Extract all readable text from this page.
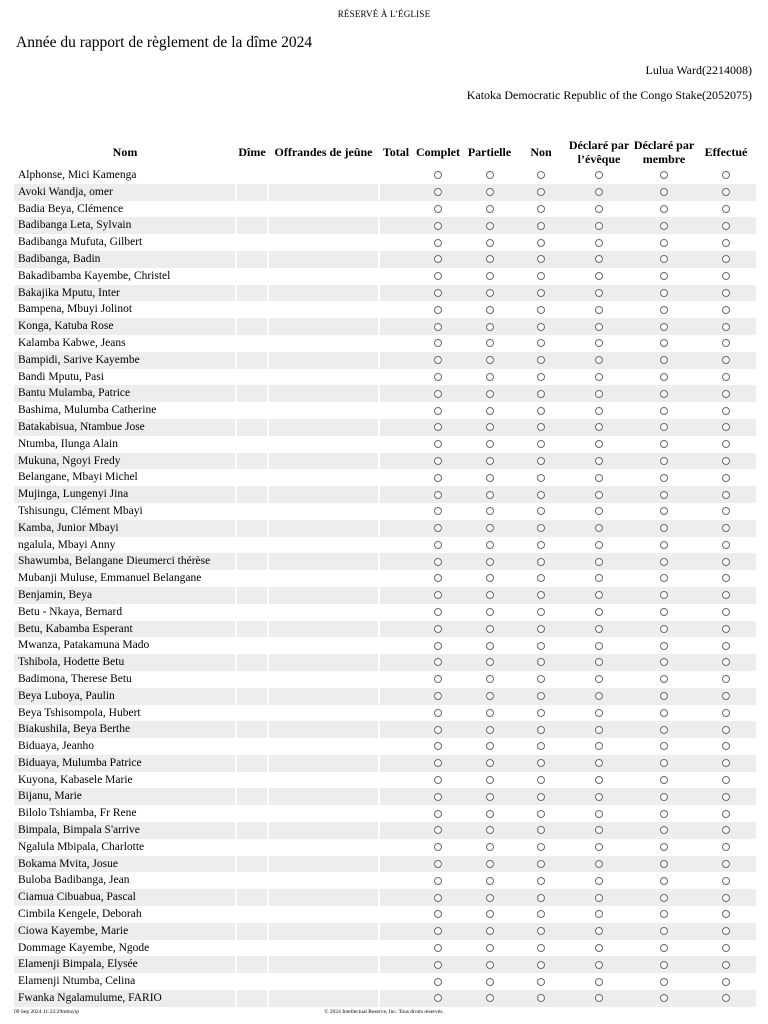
RÉSERVÉ À L’ÉGLISE
Année du rapport de règlement de la dîme 2024
Lulua Ward(2214008)
Katoka Democratic Republic of the Congo Stake(2052075)
Nom	Dîme	Offrandes de jeûne	Total	Complet	Partielle	Non	Déclaré par l’évêque	Déclaré par membre	Effectué
Alphonse, Mici Kamenga									
Avoki Wandja, omer									
Badia Beya, Clémence									
Badibanga Leta, Sylvain									
Badibanga Mufuta, Gilbert									
Badibanga, Badin									
Bakadibamba Kayembe, Christel									
Bakajika Mputu, Inter									
Bampena, Mbuyi Jolinot									
Konga, Katuba Rose									
Kalamba Kabwe, Jeans									
Bampidi, Sarive Kayembe									
Bandi Mputu, Pasi									
Bantu Mulamba, Patrice									
Bashima, Mulumba Catherine									
Batakabisua, Ntambue Jose									
Ntumba, Ilunga Alain									
Mukuna, Ngoyi Fredy									
Belangane, Mbayi Michel									
Mujinga, Lungenyi Jina									
Tshisungu, Clément Mbayi									
Kamba, Junior Mbayi									
ngalula, Mbayi Anny									
Shawumba, Belangane Dieumerci thérèse									
Mubanji Muluse, Emmanuel Belangane									
Benjamin, Beya									
Betu - Nkaya, Bernard									
Betu, Kabamba Esperant									
Mwanza, Patakamuna Mado									
Tshibola, Hodette Betu									
Badimona, Therese Betu									
Beya Luboya, Paulin									
Beya Tshisompola, Hubert									
Biakushila, Beya Berthe									
Biduaya, Jeanho									
Biduaya, Mulumba Patrice									
Kuyona, Kabasele Marie									
Bijanu, Marie									
Bilolo Tshiamba, Fr Rene									
Bimpala, Bimpala S'arrive									
Ngalula Mbipala, Charlotte									
Bokama Mvita, Josue									
Buloba Badibanga, Jean									
Ciamua Cibuabua, Pascal									
Cimbila Kengele, Deborah									
Ciowa Kayembe, Marie									
Dommage Kayembe, Ngode									
Elamenji Bimpala, Elysée									
Elamenji Ntumba, Celina									
Fwanka Ngalamulume, FARIO									
09 Sep 2024 11:23:29mbuyip	© 2024 Intellectual Reserve, Inc. Tous droits réservés.
